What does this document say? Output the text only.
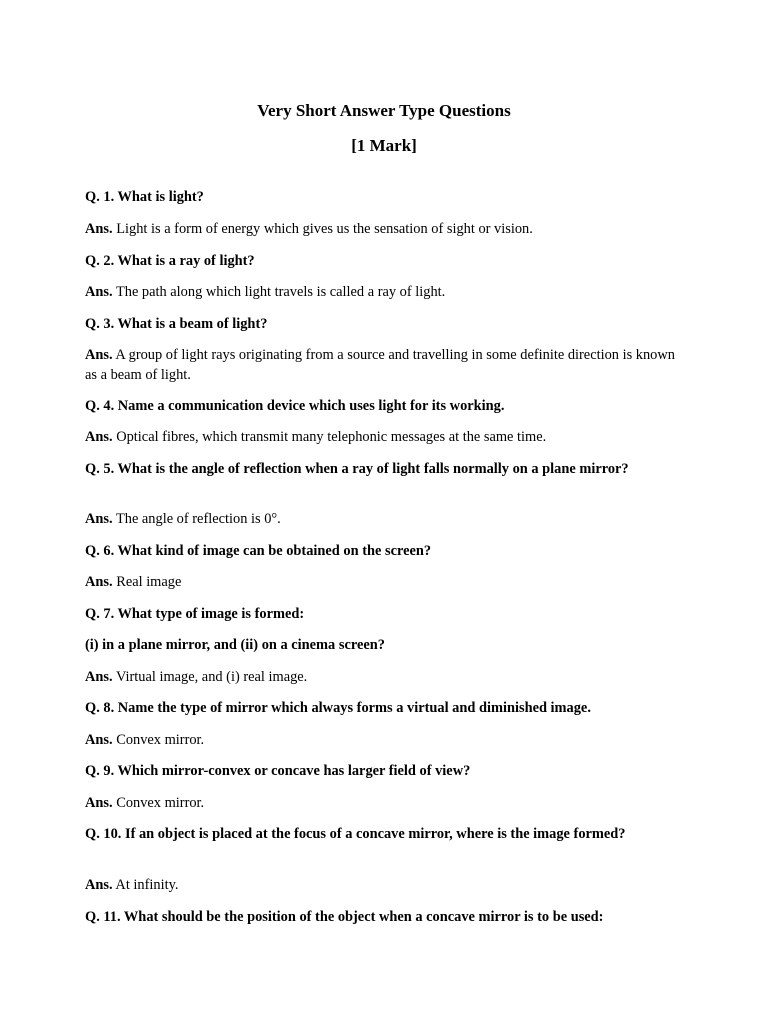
Very Short Answer Type Questions
[1 Mark]

Q. 1. What is light?

Ans. Light is a form of energy which gives us the sensation of sight or vision.

Q. 2. What is a ray of light?

Ans. The path along which light travels is called a ray of light.

Q. 3. What is a beam of light?

Ans. A group of light rays originating from a source and travelling in some definite direction is known as a beam of light.

Q. 4. Name a communication device which uses light for its working.

Ans. Optical fibres, which transmit many telephonic messages at the same time.

Q. 5. What is the angle of reflection when a ray of light falls normally on a plane mirror?

Ans. The angle of reflection is 0°.

Q. 6. What kind of image can be obtained on the screen?

Ans. Real image

Q. 7. What type of image is formed:

(i) in a plane mirror, and (ii) on a cinema screen?

Ans. Virtual image, and (i) real image.

Q. 8. Name the type of mirror which always forms a virtual and diminished image.

Ans. Convex mirror.

Q. 9. Which mirror-convex or concave has larger field of view?

Ans. Convex mirror.

Q. 10. If an object is placed at the focus of a concave mirror, where is the image formed?

Ans. At infinity.

Q. 11. What should be the position of the object when a concave mirror is to be used:
